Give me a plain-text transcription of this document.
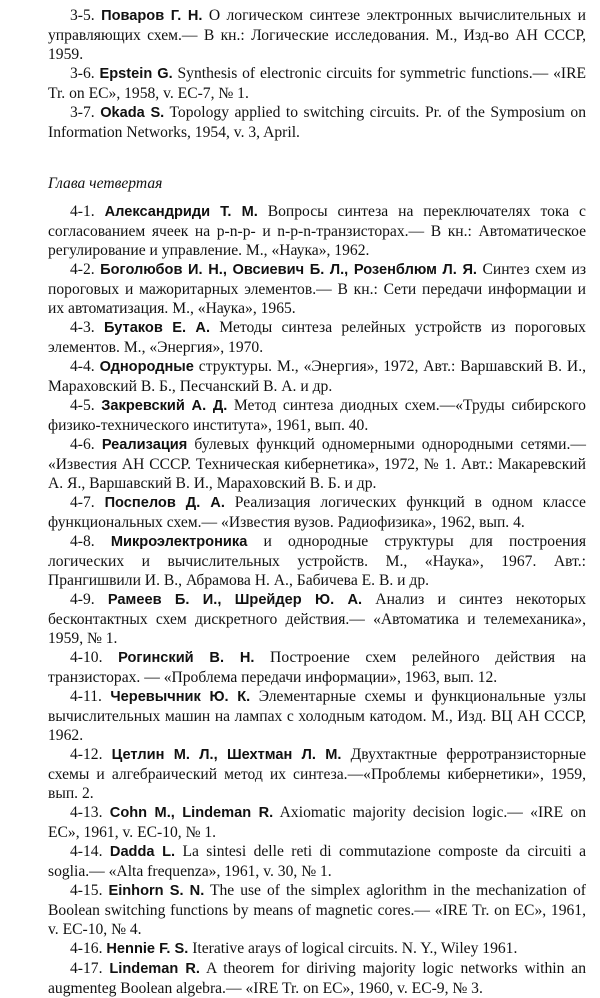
3-5. Поваров Г. Н. О логическом синтезе электронных вычислительных и управляющих схем.— В кн.: Логические исследования. М., Изд-во АН СССР, 1959.

3-6. Epstein G. Synthesis of electronic circuits for symmetric functions.— «IRE Tr. on EC», 1958, v. EC-7, № 1.

3-7. Okada S. Topology applied to switching circuits. Pr. of the Symposium on Information Networks, 1954, v. 3, April.

Глава четвертая

4-1. Александриди Т. М. Вопросы синтеза на переключателях тока с согласованием ячеек на p-n-p- и n-p-n-транзисторах.— В кн.: Автоматическое регулирование и управление. М., «Наука», 1962.

4-2. Боголюбов И. Н., Овсиевич Б. Л., Розенблюм Л. Я. Синтез схем из пороговых и мажоритарных элементов.— В кн.: Сети передачи информации и их автоматизация. М., «Наука», 1965.

4-3. Бутаков Е. А. Методы синтеза релейных устройств из пороговых элементов. М., «Энергия», 1970.

4-4. Однородные структуры. М., «Энергия», 1972, Авт.: Варшавский В. И., Мараховский В. Б., Песчанский В. А. и др.

4-5. Закревский А. Д. Метод синтеза диодных схем.—«Труды сибирского физико-технического института», 1961, вып. 40.

4-6. Реализация булевых функций одномерными однородными сетями.— «Известия АН СССР. Техническая кибернетика», 1972, № 1. Авт.: Макаревский А. Я., Варшавский В. И., Мараховский В. Б. и др.

4-7. Поспелов Д. А. Реализация логических функций в одном классе функциональных схем.— «Известия вузов. Радиофизика», 1962, вып. 4.

4-8. Микроэлектроника и однородные структуры для построения логических и вычислительных устройств. М., «Наука», 1967. Авт.: Прангишвили И. В., Абрамова Н. А., Бабичева Е. В. и др.

4-9. Рамеев Б. И., Шрейдер Ю. А. Анализ и синтез некоторых бесконтактных схем дискретного действия.— «Автоматика и телемеханика», 1959, № 1.

4-10. Рогинский В. Н. Построение схем релейного действия на транзисторах. — «Проблема передачи информации», 1963, вып. 12.

4-11. Черевычник Ю. К. Элементарные схемы и функциональные узлы вычислительных машин на лампах с холодным катодом. М., Изд. ВЦ АН СССР, 1962.

4-12. Цетлин М. Л., Шехтман Л. М. Двухтактные ферротранзисторные схемы и алгебраический метод их синтеза.—«Проблемы кибернетики», 1959, вып. 2.

4-13. Cohn M., Lindeman R. Axiomatic majority decision logic.— «IRE on EC», 1961, v. EC-10, № 1.

4-14. Dadda L. La sintesi delle reti di commutazione composte da circuiti a soglia.— «Alta frequenza», 1961, v. 30, № 1.

4-15. Einhorn S. N. The use of the simplex aglorithm in the mechanization of Boolean switching functions by means of magnetic cores.— «IRE Tr. on EC», 1961, v. EC-10, № 4.

4-16. Hennie F. S. Iterative arays of logical circuits. N. Y., Wiley 1961.

4-17. Lindeman R. A theorem for diriving majority logic networks within an augmenteg Boolean algebra.— «IRE Tr. on EC», 1960, v. EC-9, № 3.
